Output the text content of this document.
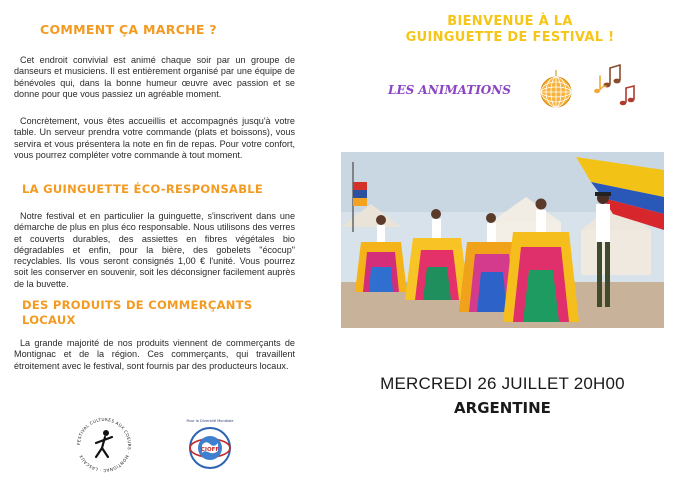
COMMENT ÇA MARCHE ?

Cet endroit convivial est animé chaque soir par un groupe de danseurs et musiciens. Il est entièrement organisé par une équipe de bénévoles qui, dans la bonne humeur œuvre avec passion et se donne pour que vous passiez un agréable moment.

Concrètement, vous êtes accueillis et accompagnés jusqu'à votre table. Un serveur prendra votre commande (plats et boissons), vous servira et vous présentera la note en fin de repas. Pour votre confort, vous pourrez compléter votre commande à tout moment.

LA GUINGUETTE ÉCO-RESPONSABLE

Notre festival et en particulier la guinguette, s'inscrivent dans une démarche de plus en plus éco responsable. Nous utilisons des verres et couverts durables, des assiettes en fibres végétales bio dégradables et enfin, pour la bière, des gobelets "écocup" recyclables. Ils vous seront consignés 1,00 € l'unité. Vous pourrez soit les conserver en souvenir, soit les déconsigner facilement auprès de la buvette.

DES PRODUITS DE COMMERÇANTS LOCAUX

La grande majorité de nos produits viennent de commerçants de Montignac et de la région. Ces commerçants, qui travaillent étroitement avec le festival, sont fournis par des producteurs locaux.

FESTIVAL CULTURES AUX COEURS · MONTIGNAC · LASCAUX
BIENVENUE À LA
GUINGUETTE DE FESTIVAL !
LES ANIMATIONS
MERCREDI 26 JUILLET 20H00
ARGENTINE
Pour la Diversité Mondiale
CIOFF
